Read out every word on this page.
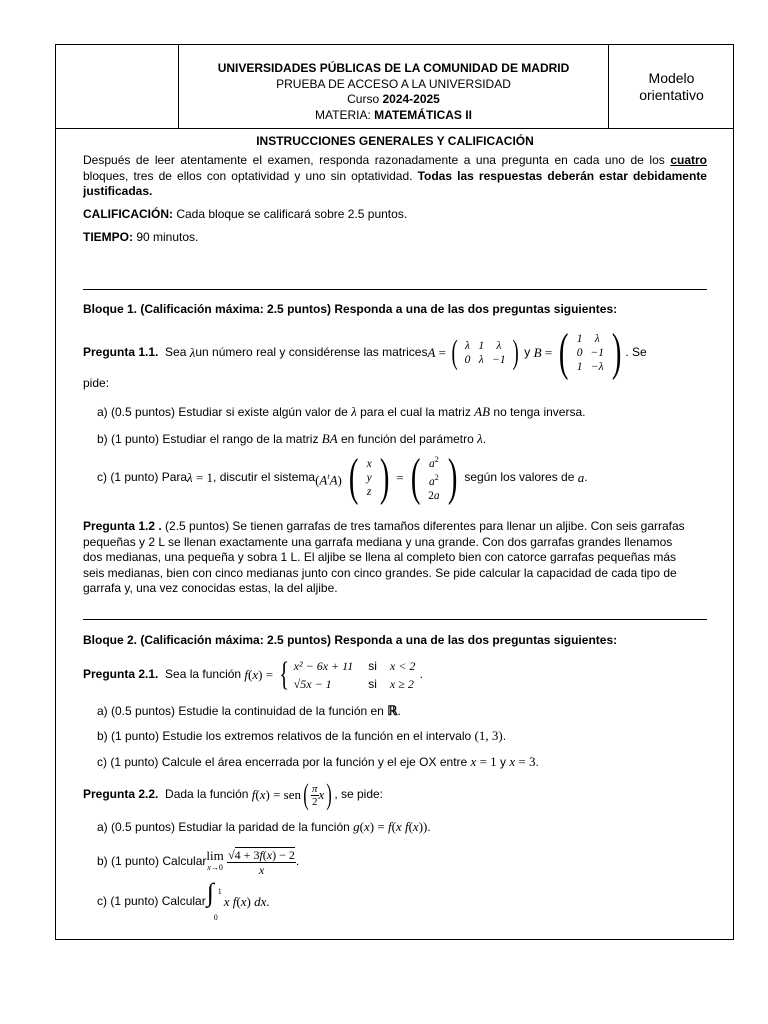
UNIVERSIDADES PÚBLICAS DE LA COMUNIDAD DE MADRID
PRUEBA DE ACCESO A LA UNIVERSIDAD
Curso 2024-2025
MATERIA: MATEMÁTICAS II
Modelo
orientativo
INSTRUCCIONES GENERALES Y CALIFICACIÓN
Después de leer atentamente el examen, responda razonadamente a una pregunta en cada uno de los cuatro bloques, tres de ellos con optatividad y uno sin optatividad. Todas las respuestas deberán estar debidamente justificadas.
CALIFICACIÓN: Cada bloque se calificará sobre 2.5 puntos.
TIEMPO: 90 minutos.
Bloque 1. (Calificación máxima: 2.5 puntos) Responda a una de las dos preguntas siguientes:
Pregunta 1.1. Sea λ un número real y considérense las matrices A = ( λ	1	λ
0	λ	−1 ) y B = ( 1	λ
0	−1
1	−λ ) . Se
pide:
a) (0.5 puntos) Estudiar si existe algún valor de λ para el cual la matriz AB no tenga inversa.
b) (1 punto) Estudiar el rango de la matriz BA en función del parámetro λ.
c) (1 punto) Para λ = 1 , discutir el sistema $(A^tA)$
( x
y
z ) = ( $a^2$
$a^2$
2a ) según los valores de a .
Pregunta 1.2 . (2.5 puntos) Se tienen garrafas de tres tamaños diferentes para llenar un aljibe. Con seis garrafas
pequeñas y 2 L se llenan exactamente una garrafa mediana y una grande. Con dos garrafas grandes llenamos
dos medianas, una pequeña y sobra 1 L. El aljibe se llena al completo bien con catorce garrafas pequeñas más
seis medianas, bien con cinco medianas junto con cinco grandes. Se pide calcular la capacidad de cada tipo de
garrafa y, una vez conocidas estas, la del aljibe.
Bloque 2. (Calificación máxima: 2.5 puntos) Responda a una de las dos preguntas siguientes:
Pregunta 2.1. Sea la función f (x) = { x² − 6x + 11	si	x < 2
√5x − 1	si	x ≥ 2
.
a) (0.5 puntos) Estudie la continuidad de la función en ℝ.
b) (1 punto) Estudie los extremos relativos de la función en el intervalo (1, 3).
c) (1 punto) Calcule el área encerrada por la función y el eje OX entre x = 1 y x = 3.
Pregunta 2.2. Dada la función f (x) = sen ( $\frac{\pi}{2}$ x ) , se pide:
a) (0.5 puntos) Estudiar la paridad de la función g(x) = f(x f(x)).
b) (1 punto) Calcular lim
x→0
$\frac{√4 + 3f(x) - 2}{x}$ .
c) (1 punto) Calcular ∫ 1
0
x f (x) dx.
